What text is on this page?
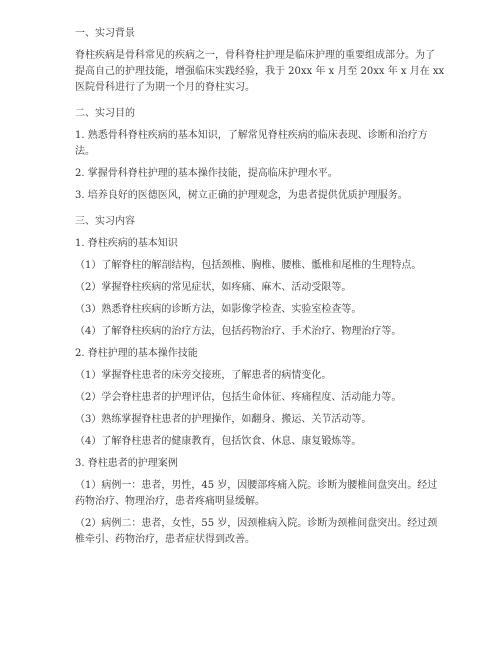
一、实习背景

脊柱疾病是骨科常见的疾病之一，骨科脊柱护理是临床护理的重要组成部分。为了

提高自己的护理技能，增强临床实践经验，我于 20xx 年 x 月至 20xx 年 x 月在 xx

医院骨科进行了为期一个月的脊柱实习。

二、实习目的

1. 熟悉骨科脊柱疾病的基本知识，了解常见脊柱疾病的临床表现、诊断和治疗方

法。

2. 掌握骨科脊柱护理的基本操作技能，提高临床护理水平。

3. 培养良好的医德医风，树立正确的护理观念，为患者提供优质护理服务。

三、实习内容

1. 脊柱疾病的基本知识

（1）了解脊柱的解剖结构，包括颈椎、胸椎、腰椎、骶椎和尾椎的生理特点。

（2）掌握脊柱疾病的常见症状，如疼痛、麻木、活动受限等。

（3）熟悉脊柱疾病的诊断方法，如影像学检查、实验室检查等。

（4）了解脊柱疾病的治疗方法，包括药物治疗、手术治疗、物理治疗等。

2. 脊柱护理的基本操作技能

（1）掌握脊柱患者的床旁交接班，了解患者的病情变化。

（2）学会脊柱患者的护理评估，包括生命体征、疼痛程度、活动能力等。

（3）熟练掌握脊柱患者的护理操作，如翻身、搬运、关节活动等。

（4）了解脊柱患者的健康教育，包括饮食、休息、康复锻炼等。

3. 脊柱患者的护理案例

（1）病例一：患者，男性，45 岁，因腰部疼痛入院。诊断为腰椎间盘突出。经过

药物治疗、物理治疗，患者疼痛明显缓解。

（2）病例二：患者，女性，55 岁，因颈椎病入院。诊断为颈椎间盘突出。经过颈

椎牵引、药物治疗，患者症状得到改善。
